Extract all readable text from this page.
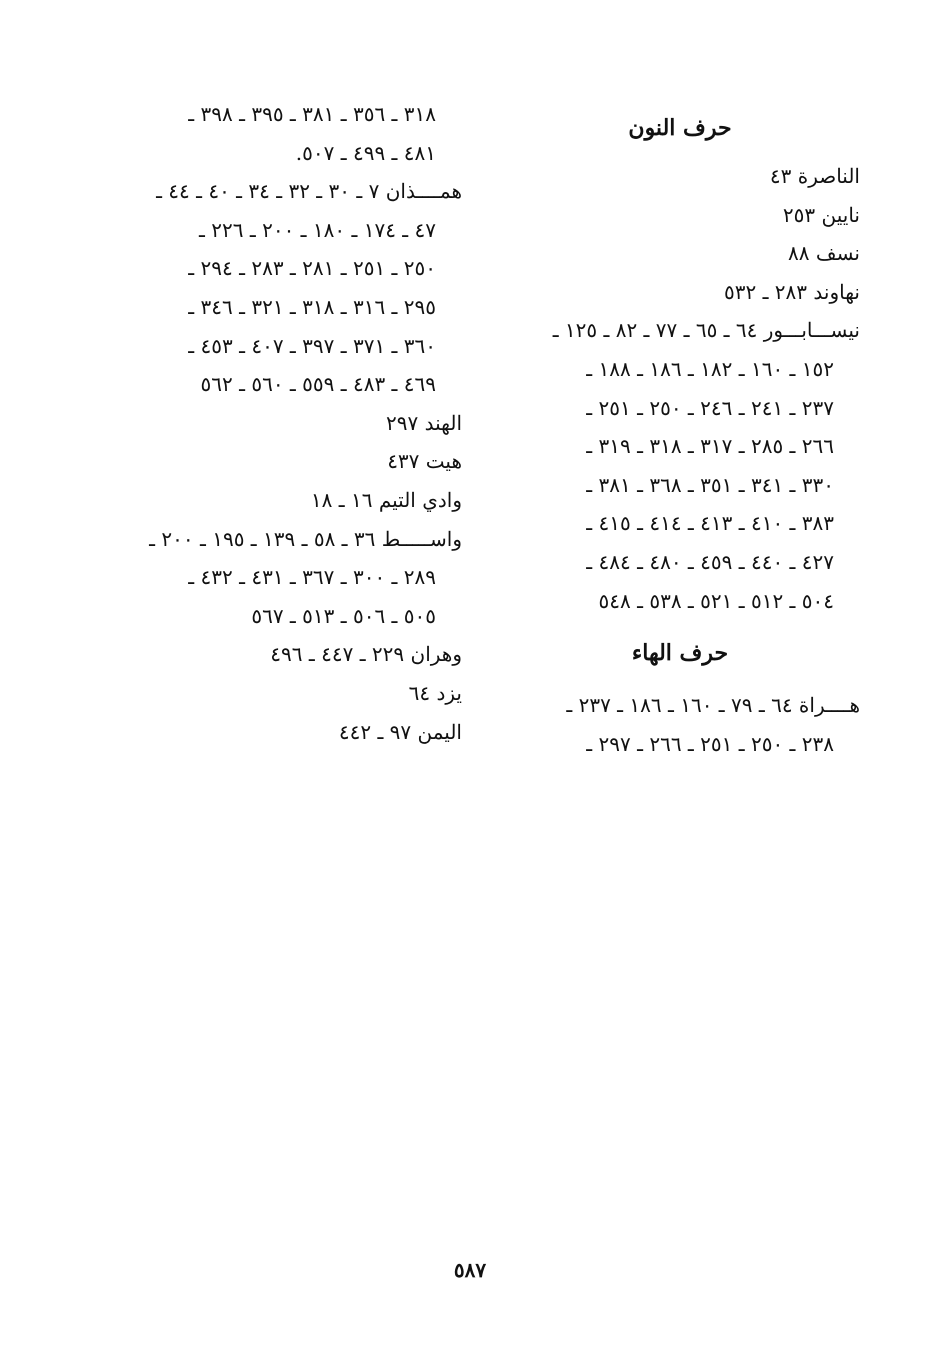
حرف النون
الناصرة ٤٣
نايين ٢٥٣
نسف ٨٨
نهاوند ٢٨٣ ـ ٥٣٢
نيســـابـــور ٦٤ ـ ٦٥ ـ ٧٧ ـ ٨٢ ـ ١٢٥ ـ
١٥٢ ـ ١٦٠ ـ ١٨٢ ـ ١٨٦ ـ ١٨٨ ـ
٢٣٧ ـ ٢٤١ ـ ٢٤٦ ـ ٢٥٠ ـ ٢٥١ ـ
٢٦٦ ـ ٢٨٥ ـ ٣١٧ ـ ٣١٨ ـ ٣١٩ ـ
٣٣٠ ـ ٣٤١ ـ ٣٥١ ـ ٣٦٨ ـ ٣٨١ ـ
٣٨٣ ـ ٤١٠ ـ ٤١٣ ـ ٤١٤ ـ ٤١٥ ـ
٤٢٧ ـ ٤٤٠ ـ ٤٥٩ ـ ٤٨٠ ـ ٤٨٤ ـ
٥٠٤ ـ ٥١٢ ـ ٥٢١ ـ ٥٣٨ ـ ٥٤٨
حرف الهاء
هــــراة ٦٤ ـ ٧٩ ـ ١٦٠ ـ ١٨٦ ـ ٢٣٧ ـ
٢٣٨ ـ ٢٥٠ ـ ٢٥١ ـ ٢٦٦ ـ ٢٩٧ ـ
٣١٨ ـ ٣٥٦ ـ ٣٨١ ـ ٣٩٥ ـ ٣٩٨ ـ
٤٨١ ـ ٤٩٩ ـ ٥٠٧.
همــــذان ٧ ـ ٣٠ ـ ٣٢ ـ ٣٤ ـ ٤٠ ـ ٤٤ ـ
٤٧ ـ ١٧٤ ـ ١٨٠ ـ ٢٠٠ ـ ٢٢٦ ـ
٢٥٠ ـ ٢٥١ ـ ٢٨١ ـ ٢٨٣ ـ ٢٩٤ ـ
٢٩٥ ـ ٣١٦ ـ ٣١٨ ـ ٣٢١ ـ ٣٤٦ ـ
٣٦٠ ـ ٣٧١ ـ ٣٩٧ ـ ٤٠٧ ـ ٤٥٣ ـ
٤٦٩ ـ ٤٨٣ ـ ٥٥٩ ـ ٥٦٠ ـ ٥٦٢
الهند ٢٩٧
هيت ٤٣٧
وادي التيم ١٦ ـ ١٨
واســـــط ٣٦ ـ ٥٨ ـ ١٣٩ ـ ١٩٥ ـ ٢٠٠ ـ
٢٨٩ ـ ٣٠٠ ـ ٣٦٧ ـ ٤٣١ ـ ٤٣٢ ـ
٥٠٥ ـ ٥٠٦ ـ ٥١٣ ـ ٥٦٧
وهران ٢٢٩ ـ ٤٤٧ ـ ٤٩٦
يزد ٦٤
اليمن ٩٧ ـ ٤٤٢
٥٨٧
